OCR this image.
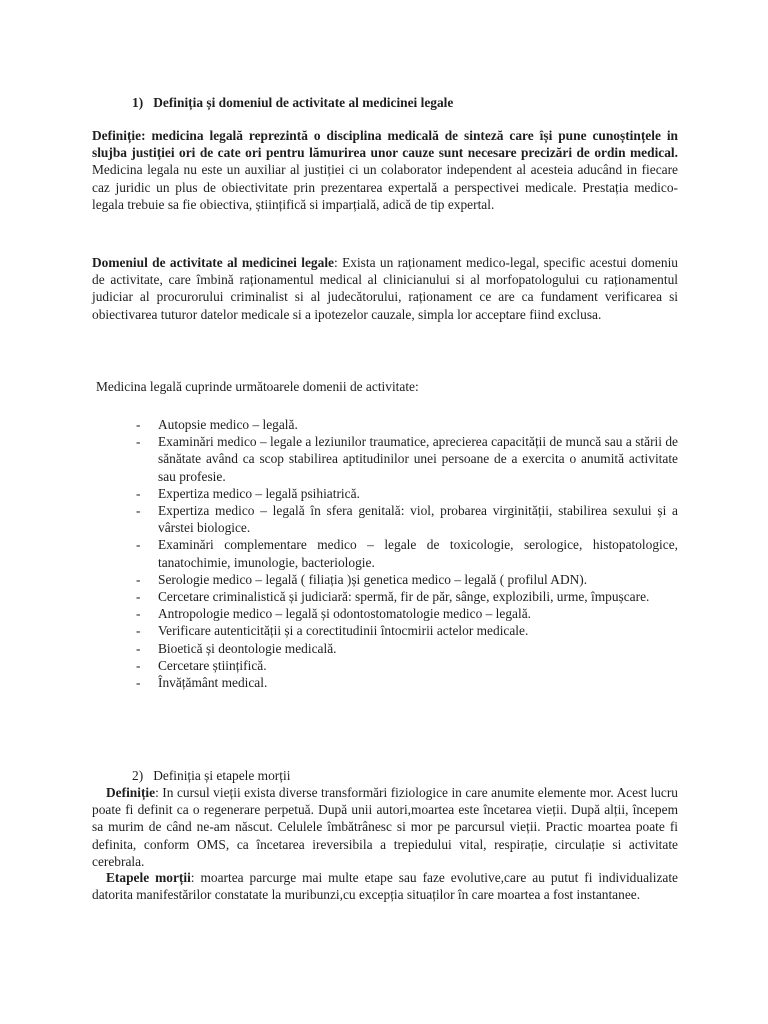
1) Definiția și domeniul de activitate al medicinei legale

Definiție: medicina legală reprezintă o disciplina medicală de sinteză care își pune cunoștințele in slujba justiției ori de cate ori pentru lămurirea unor cauze sunt necesare precizări de ordin medical. Medicina legala nu este un auxiliar al justiției ci un colaborator independent al acesteia aducând in fiecare caz juridic un plus de obiectivitate prin prezentarea expertală a perspectivei medicale. Prestația medico-legala trebuie sa fie obiectiva, științifică si imparțială, adică de tip expertal.

Domeniul de activitate al medicinei legale: Exista un raționament medico-legal, specific acestui domeniu de activitate, care îmbină raționamentul medical al clinicianului si al morfopatologului cu raționamentul judiciar al procurorului criminalist si al judecătorului, raționament ce are ca fundament verificarea si obiectivarea tuturor datelor medicale si a ipotezelor cauzale, simpla lor acceptare fiind exclusa.

Medicina legală cuprinde următoarele domenii de activitate:

- Autopsie medico – legală.
- Examinări medico – legale a leziunilor traumatice, aprecierea capacității de muncă sau a stării de sănătate având ca scop stabilirea aptitudinilor unei persoane de a exercita o anumită activitate sau profesie.
- Expertiza medico – legală psihiatrică.
- Expertiza medico – legală în sfera genitală: viol, probarea virginității, stabilirea sexului și a vârstei biologice.
- Examinări complementare medico – legale de toxicologie, serologice, histopatologice, tanatochimie, imunologie, bacteriologie.
- Serologie medico – legală ( filiația )și genetica medico – legală ( profilul ADN).
- Cercetare criminalistică și judiciară: spermă, fir de păr, sânge, explozibili, urme, împușcare.
- Antropologie medico – legală și odontostomatologie medico – legală.
- Verificare autenticității și a corectitudinii întocmirii actelor medicale.
- Bioetică și deontologie medicală.
- Cercetare științifică.
- Învățământ medical.

2) Definiția și etapele morții

Definiție: In cursul vieții exista diverse transformări fiziologice in care anumite elemente mor. Acest lucru poate fi definit ca o regenerare perpetuă. După unii autori,moartea este încetarea vieții. După alții, începem sa murim de când ne-am născut. Celulele îmbătrânesc si mor pe parcursul vieții. Practic moartea poate fi definita, conform OMS, ca încetarea ireversibila a trepiedului vital, respirație, circulație si activitate cerebrala.

Etapele morții: moartea parcurge mai multe etape sau faze evolutive,care au putut fi individualizate datorita manifestărilor constatate la muribunzi,cu excepția situaților în care moartea a fost instantanee.
